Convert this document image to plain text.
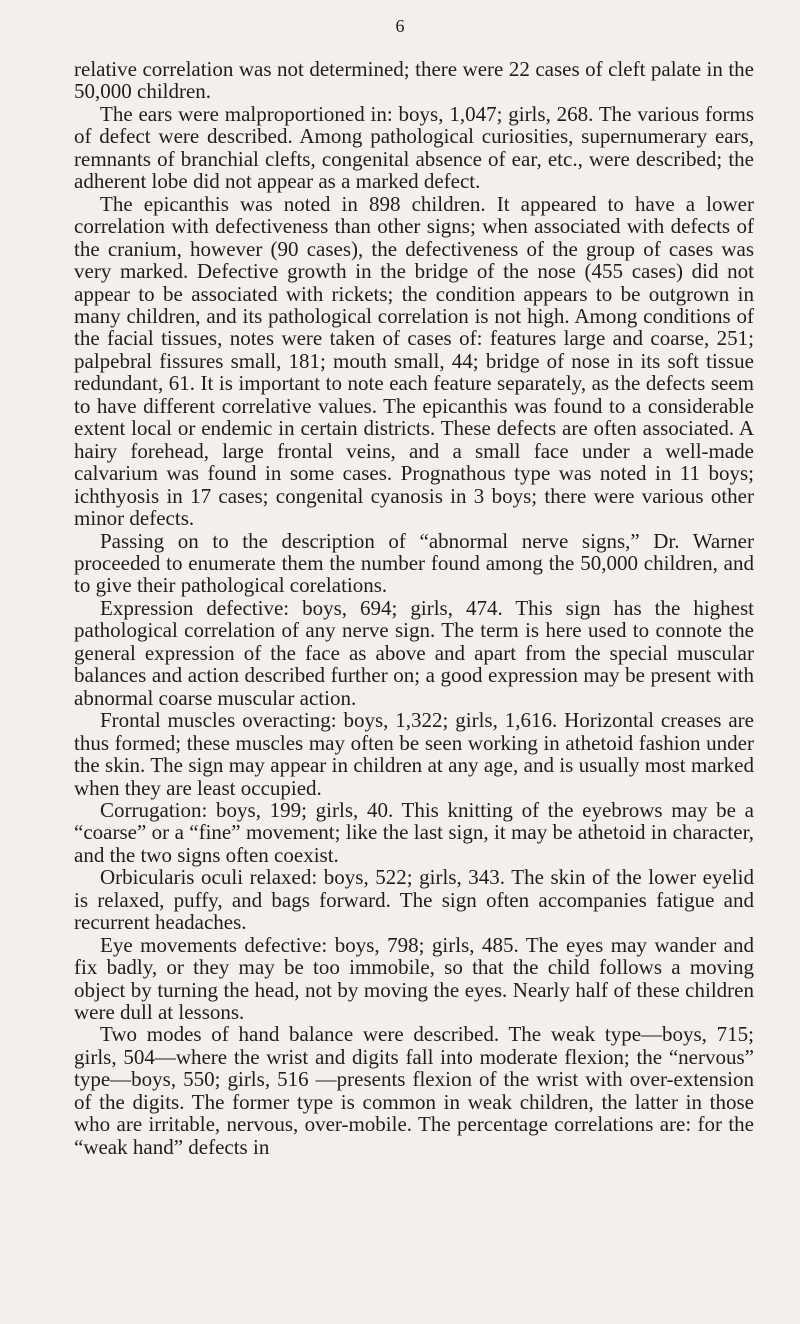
6

relative correlation was not determined; there were 22 cases of cleft palate in the 50,000 children.

The ears were malproportioned in: boys, 1,047; girls, 268. The various forms of defect were described. Among pathological curiosities, supernumerary ears, remnants of branchial clefts, congenital absence of ear, etc., were described; the adherent lobe did not appear as a marked defect.

The epicanthis was noted in 898 children. It appeared to have a lower correlation with defectiveness than other signs; when associated with defects of the cranium, however (90 cases), the defectiveness of the group of cases was very marked. Defective growth in the bridge of the nose (455 cases) did not appear to be associated with rickets; the condition appears to be outgrown in many children, and its pathological correlation is not high. Among conditions of the facial tissues, notes were taken of cases of: features large and coarse, 251; palpebral fissures small, 181; mouth small, 44; bridge of nose in its soft tissue redundant, 61. It is important to note each feature separately, as the defects seem to have different correlative values. The epicanthis was found to a considerable extent local or endemic in certain districts. These defects are often associated. A hairy forehead, large frontal veins, and a small face under a well-made calvarium was found in some cases. Prognathous type was noted in 11 boys; ichthyosis in 17 cases; congenital cyanosis in 3 boys; there were various other minor defects.

Passing on to the description of “abnormal nerve signs,” Dr. Warner proceeded to enumerate them the number found among the 50,000 children, and to give their pathological corelations.

Expression defective: boys, 694; girls, 474. This sign has the highest pathological correlation of any nerve sign. The term is here used to connote the general expression of the face as above and apart from the special muscular balances and action described further on; a good expression may be present with abnormal coarse muscular action.

Frontal muscles overacting: boys, 1,322; girls, 1,616. Horizontal creases are thus formed; these muscles may often be seen working in athetoid fashion under the skin. The sign may appear in children at any age, and is usually most marked when they are least occupied.

Corrugation: boys, 199; girls, 40. This knitting of the eyebrows may be a “coarse” or a “fine” movement; like the last sign, it may be athetoid in character, and the two signs often coexist.

Orbicularis oculi relaxed: boys, 522; girls, 343. The skin of the lower eyelid is relaxed, puffy, and bags forward. The sign often accompanies fatigue and recurrent headaches.

Eye movements defective: boys, 798; girls, 485. The eyes may wander and fix badly, or they may be too immobile, so that the child follows a moving object by turning the head, not by moving the eyes. Nearly half of these children were dull at lessons.

Two modes of hand balance were described. The weak type—boys, 715; girls, 504—where the wrist and digits fall into moderate flexion; the “nervous” type—boys, 550; girls, 516 —presents flexion of the wrist with over-extension of the digits. The former type is common in weak children, the latter in those who are irritable, nervous, over-mobile. The percentage correlations are: for the “weak hand” defects in
